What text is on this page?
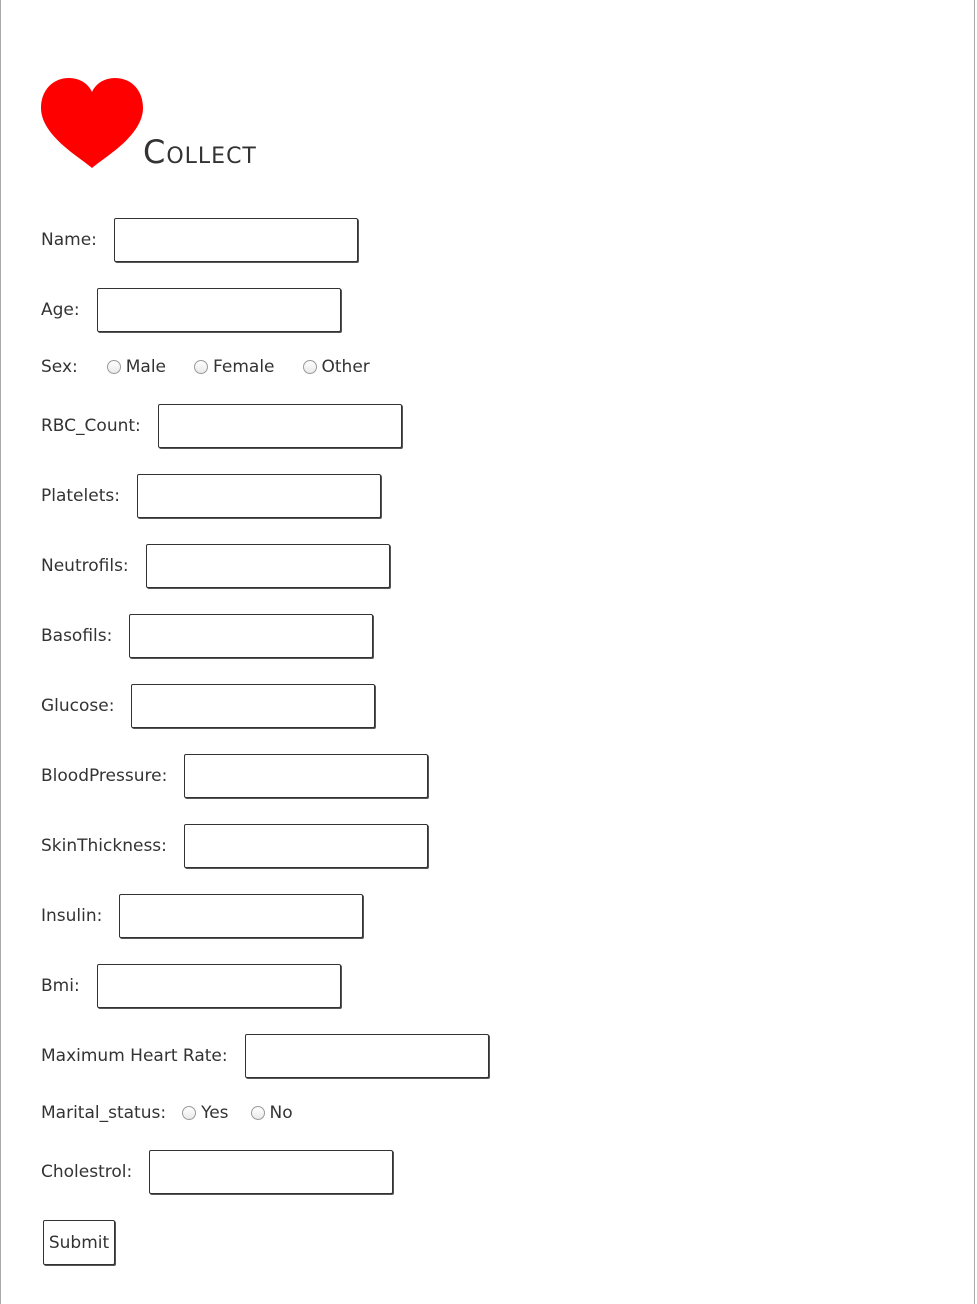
Collect
Name:
Age:
Sex:	Male	Female	Other
RBC_Count:
Platelets:
Neutrofils:
Basofils:
Glucose:
BloodPressure:
SkinThickness:
Insulin:
Bmi:
Maximum Heart Rate:
Marital_status: Yes No
Cholestrol:
Submit
